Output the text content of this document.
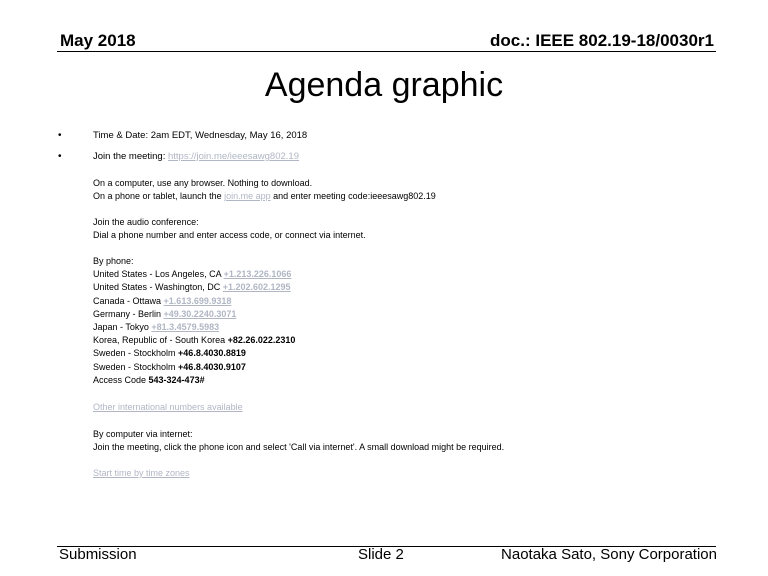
May 2018	doc.: IEEE 802.19-18/0030r1
Agenda graphic
•	Time & Date: 2am EDT, Wednesday, May 16, 2018
•	Join the meeting: https://join.me/ieeesawg802.19
On a computer, use any browser. Nothing to download.
On a phone or tablet, launch the join.me app and enter meeting code:ieeesawg802.19
Join the audio conference:
Dial a phone number and enter access code, or connect via internet.
By phone:
United States - Los Angeles, CA +1.213.226.1066
United States - Washington, DC +1.202.602.1295
Canada - Ottawa +1.613.699.9318
Germany - Berlin +49.30.2240.3071
Japan - Tokyo +81.3.4579.5983
Korea, Republic of - South Korea +82.26.022.2310
Sweden - Stockholm +46.8.4030.8819
Sweden - Stockholm +46.8.4030.9107
Access Code 543-324-473#
Other international numbers available
By computer via internet:
Join the meeting, click the phone icon and select 'Call via internet'. A small download might be required.
Start time by time zones
Submission	Slide 2	Naotaka Sato, Sony Corporation
